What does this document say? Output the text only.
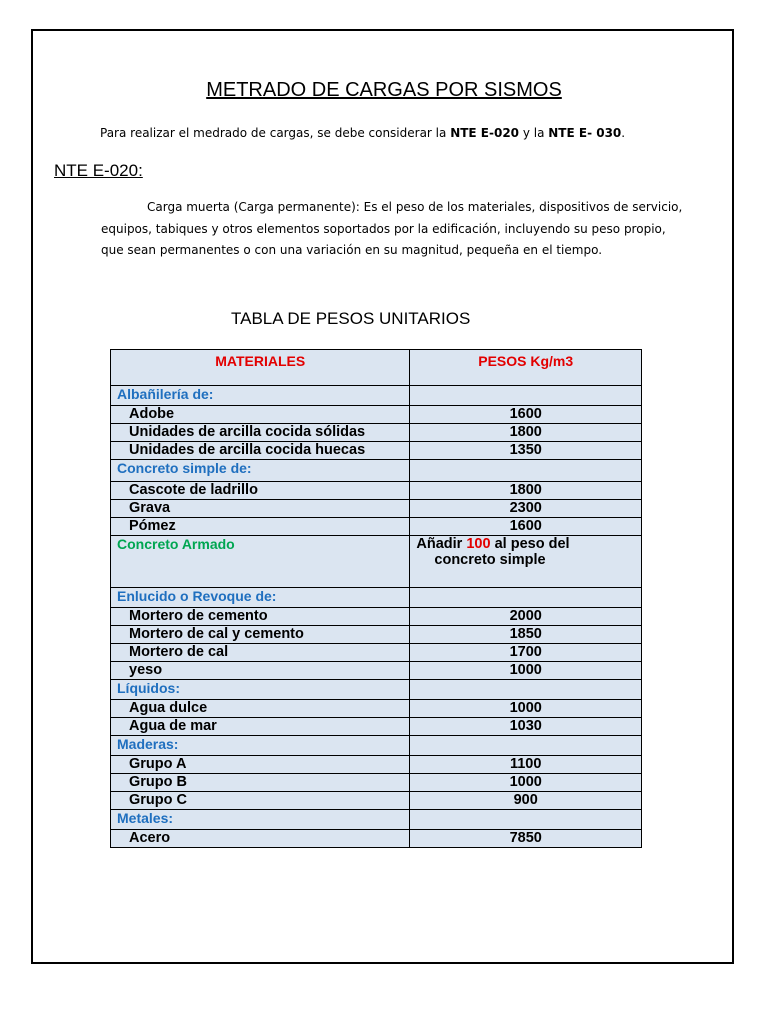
METRADO DE CARGAS POR SISMOS
Para realizar el medrado de cargas, se debe considerar la NTE E-020 y la NTE E- 030.
NTE E-020:
Carga muerta (Carga permanente): Es el peso de los materiales, dispositivos de servicio,
equipos, tabiques y otros elementos soportados por la edificación, incluyendo su peso propio,
que sean permanentes o con una variación en su magnitud, pequeña en el tiempo.
TABLA DE PESOS UNITARIOS
MATERIALES	PESOS Kg/m3
Albañilería de:	
Adobe	1600
Unidades de arcilla cocida sólidas	1800
Unidades de arcilla cocida huecas	1350
Concreto simple de:	
Cascote de ladrillo	1800
Grava	2300
Pómez	1600
Concreto Armado	Añadir 100 al peso del
concreto simple

Enlucido o Revoque de:	
Mortero de cemento	2000
Mortero de cal y cemento	1850
Mortero de cal	1700
yeso	1000
Líquidos:	
Agua dulce	1000
Agua de mar	1030
Maderas:	
Grupo A	1100
Grupo B	1000
Grupo C	900
Metales:	
Acero	7850
